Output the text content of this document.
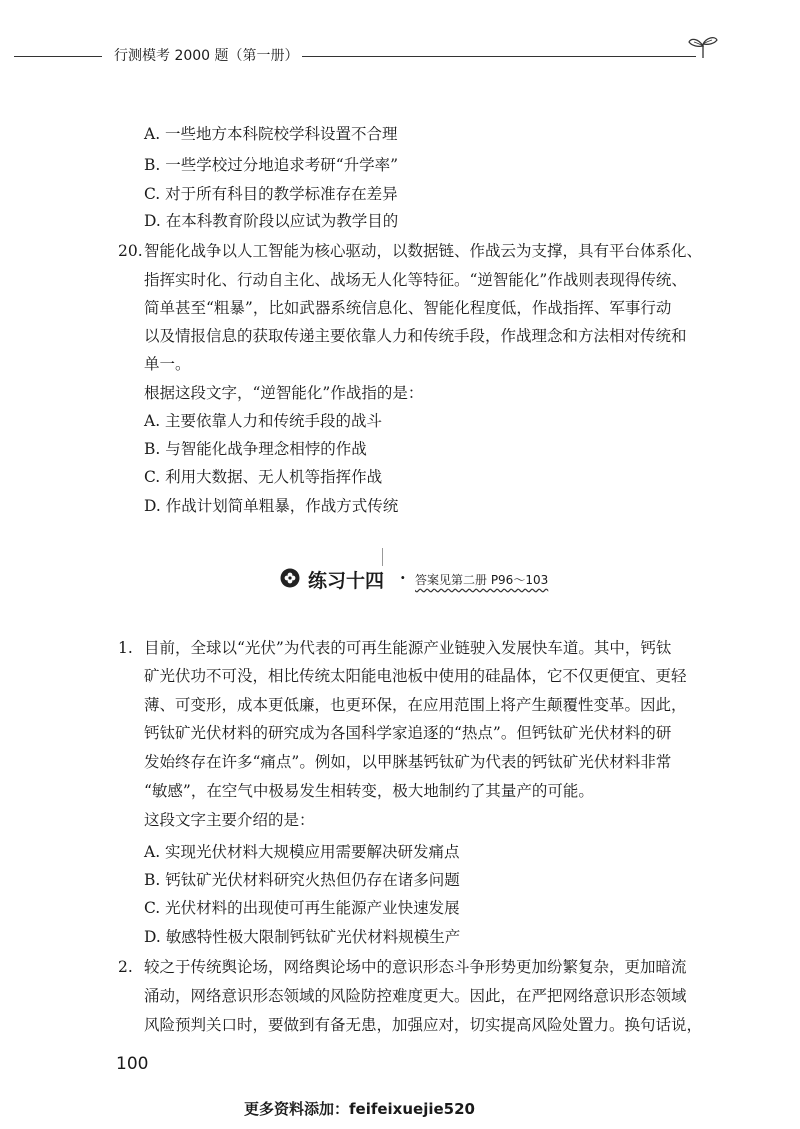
行测模考 2000 题（第一册）
A. 一些地方本科院校学科设置不合理
B. 一些学校过分地追求考研“升学率”
C. 对于所有科目的教学标准存在差异
D. 在本科教育阶段以应试为教学目的
20. 智能化战争以人工智能为核心驱动，以数据链、作战云为支撑，具有平台体系化、
指挥实时化、行动自主化、战场无人化等特征。“逆智能化”作战则表现得传统、
简单甚至“粗暴”，比如武器系统信息化、智能化程度低，作战指挥、军事行动
以及情报信息的获取传递主要依靠人力和传统手段，作战理念和方法相对传统和
单一。
根据这段文字，“逆智能化”作战指的是：
A. 主要依靠人力和传统手段的战斗
B. 与智能化战争理念相悖的作战
C. 利用大数据、无人机等指挥作战
D. 作战计划简单粗暴，作战方式传统
练习十四 · 答案见第二册 P96～103
1. 目前，全球以“光伏”为代表的可再生能源产业链驶入发展快车道。其中，钙钛
矿光伏功不可没，相比传统太阳能电池板中使用的硅晶体，它不仅更便宜、更轻
薄、可变形，成本更低廉，也更环保，在应用范围上将产生颠覆性变革。因此，
钙钛矿光伏材料的研究成为各国科学家追逐的“热点”。但钙钛矿光伏材料的研
发始终存在许多“痛点”。例如，以甲脒基钙钛矿为代表的钙钛矿光伏材料非常
“敏感”，在空气中极易发生相转变，极大地制约了其量产的可能。
这段文字主要介绍的是：
A. 实现光伏材料大规模应用需要解决研发痛点
B. 钙钛矿光伏材料研究火热但仍存在诸多问题
C. 光伏材料的出现使可再生能源产业快速发展
D. 敏感特性极大限制钙钛矿光伏材料规模生产
2. 较之于传统舆论场，网络舆论场中的意识形态斗争形势更加纷繁复杂，更加暗流
涌动，网络意识形态领域的风险防控难度更大。因此，在严把网络意识形态领域
风险预判关口时，要做到有备无患，加强应对，切实提高风险处置力。换句话说，
100
更多资料添加：feifeixuejie520
